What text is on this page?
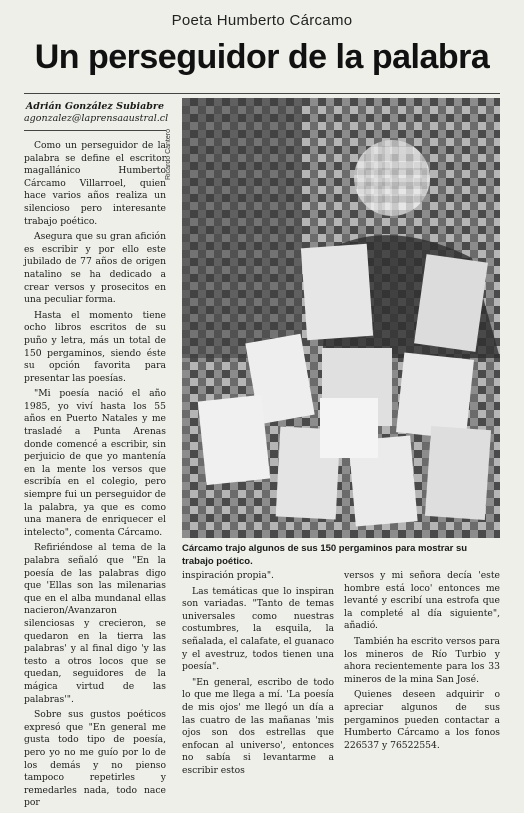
Poeta Humberto Cárcamo
Un perseguidor de la palabra
Adrián González Subiabre
agonzalez@laprensaaustral.cl
Ricardo Cantero

Como un perseguidor de la palabra se define el escritor magallánico Humberto Cárcamo Villarroel, quien hace varios años realiza un silencioso pero interesante trabajo poético.

Asegura que su gran afición es escribir y por ello este jubilado de 77 años de origen natalino se ha dedicado a crear versos y prosecitos en una peculiar forma.

Hasta el momento tiene ocho libros escritos de su puño y letra, más un total de 150 pergaminos, siendo éste su opción favorita para presentar las poesías.

"Mi poesía nació el año 1985, yo viví hasta los 55 años en Puerto Natales y me trasladé a Punta Arenas donde comencé a escribir, sin perjuicio de que yo mantenía en la mente los versos que escribía en el colegio, pero siempre fui un perseguidor de la palabra, ya que es como una manera de enriquecer el intelecto", comenta Cárcamo.

Refiriéndose al tema de la palabra señaló que "En la poesía de las palabras digo que 'Ellas son las milenarias que en el alba mundanal ellas nacieron/Avanzaron silenciosas y crecieron, se quedaron en la tierra las palabras' y al final digo 'y las testo a otros locos que se quedan, seguidores de la mágica virtud de las palabras'".

Sobre sus gustos poéticos expresó que "En general me gusta todo tipo de poesía, pero yo no me guío por lo de los demás y no pienso tampoco repetirles y remedarles nada, todo nace por

Cárcamo trajo algunos de sus 150 pergaminos para mostrar su trabajo poético.

inspiración propia".

Las temáticas que lo inspiran son variadas. "Tanto de temas universales como nuestras costumbres, la esquila, la señalada, el calafate, el guanaco y el avestruz, todos tienen una poesía".

"En general, escribo de todo lo que me llega a mí. 'La poesía de mis ojos' me llegó un día a las cuatro de las mañanas 'mis ojos son dos estrellas que enfocan al universo', entonces no sabía si levantarme a escribir estos

versos y mi señora decía 'este hombre está loco' entonces me levanté y escribí una estrofa que la completé al día siguiente", añadió.

También ha escrito versos para los mineros de Río Turbio y ahora recientemente para los 33 mineros de la mina San José.

Quienes deseen adquirir o apreciar algunos de sus pergaminos pueden contactar a Humberto Cárcamo a los fonos 226537 y 76522554.
